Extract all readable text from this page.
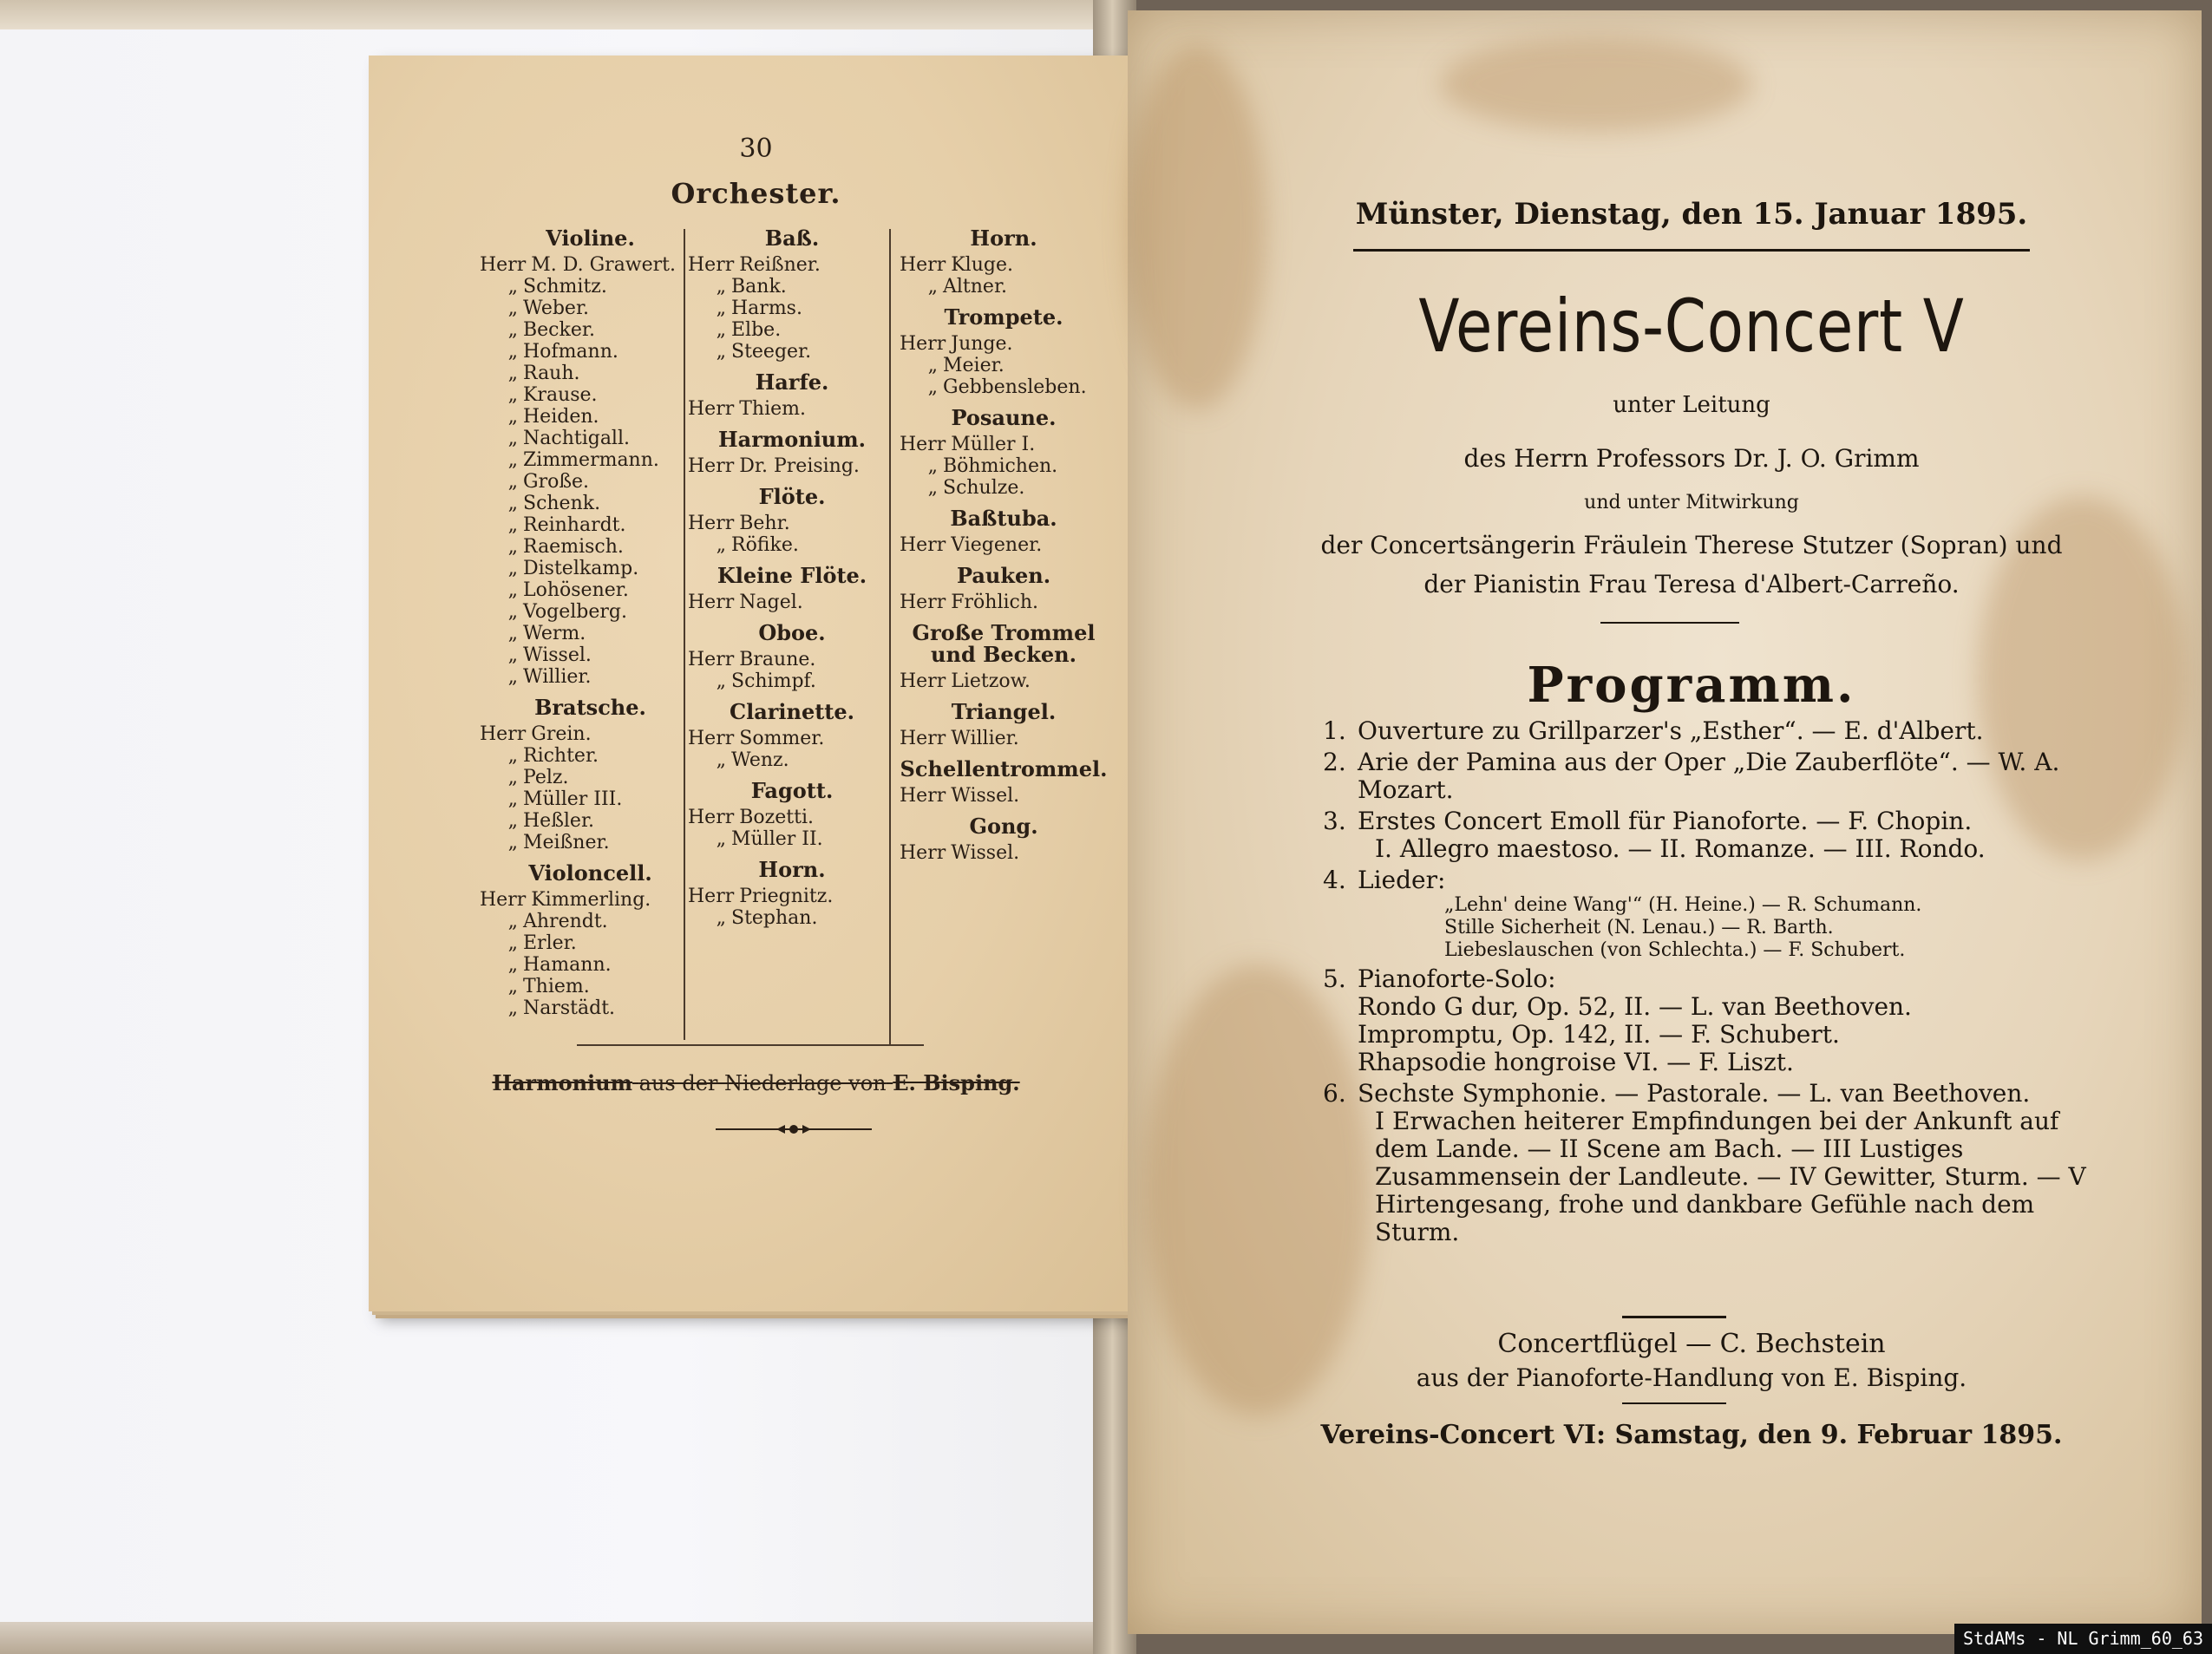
30
Orchester.
Violine.
Herr M. D. Grawert.
„ Schmitz.
„ Weber.
„ Becker.
„ Hofmann.
„ Rauh.
„ Krause.
„ Heiden.
„ Nachtigall.
„ Zimmermann.
„ Große.
„ Schenk.
„ Reinhardt.
„ Raemisch.
„ Distelkamp.
„ Lohösener.
„ Vogelberg.
„ Werm.
„ Wissel.
„ Willier.
Bratsche.
Herr Grein.
„ Richter.
„ Pelz.
„ Müller III.
„ Heßler.
„ Meißner.
Violoncell.
Herr Kimmerling.
„ Ahrendt.
„ Erler.
„ Hamann.
„ Thiem.
„ Narstädt.
Baß.
Herr Reißner.
„ Bank.
„ Harms.
„ Elbe.
„ Steeger.
Harfe.
Herr Thiem.
Harmonium.
Herr Dr. Preising.
Flöte.
Herr Behr.
„ Röfike.
Kleine Flöte.
Herr Nagel.
Oboe.
Herr Braune.
„ Schimpf.
Clarinette.
Herr Sommer.
„ Wenz.
Fagott.
Herr Bozetti.
„ Müller II.
Horn.
Herr Priegnitz.
„ Stephan.
Horn.
Herr Kluge.
„ Altner.
Trompete.
Herr Junge.
„ Meier.
„ Gebbensleben.
Posaune.
Herr Müller I.
„ Böhmichen.
„ Schulze.
Baßtuba.
Herr Viegener.
Pauken.
Herr Fröhlich.
Große Trommel und Becken.
Herr Lietzow.
Triangel.
Herr Willier.
Schellentrommel.
Herr Wissel.
Gong.
Herr Wissel.
Harmonium aus der Niederlage von E. Bisping.
Münster, Dienstag, den 15. Januar 1895.
Vereins-Concert V
unter Leitung
des Herrn Professors Dr. J. O. Grimm
und unter Mitwirkung
der Concertsängerin Fräulein Therese Stutzer (Sopran) und
der Pianistin Frau Teresa d'Albert-Carreño.
Programm.
1. Ouverture zu Grillparzer's „Esther“. — E. d'Albert.
2. Arie der Pamina aus der Oper „Die Zauberflöte“. — W. A. Mozart.
3. Erstes Concert Emoll für Pianoforte. — F. Chopin.
I. Allegro maestoso. — II. Romanze. — III. Rondo.
4. Lieder:
„Lehn' deine Wang'“ (H. Heine.) — R. Schumann.
Stille Sicherheit (N. Lenau.) — R. Barth.
Liebeslauschen (von Schlechta.) — F. Schubert.
5. Pianoforte-Solo:
Rondo G dur, Op. 52, II. — L. van Beethoven.
Impromptu, Op. 142, II. — F. Schubert.
Rhapsodie hongroise VI. — F. Liszt.
6. Sechste Symphonie. — Pastorale. — L. van Beethoven.
I Erwachen heiterer Empfindungen bei der Ankunft auf dem Lande. — II Scene am Bach. — III Lustiges Zusammensein der Landleute. — IV Gewitter, Sturm. — V Hirtengesang, frohe und dankbare Gefühle nach dem Sturm.
Concertflügel — C. Bechstein
aus der Pianoforte-Handlung von E. Bisping.
Vereins-Concert VI: Samstag, den 9. Februar 1895.
StdAMs - NL Grimm_60_63
